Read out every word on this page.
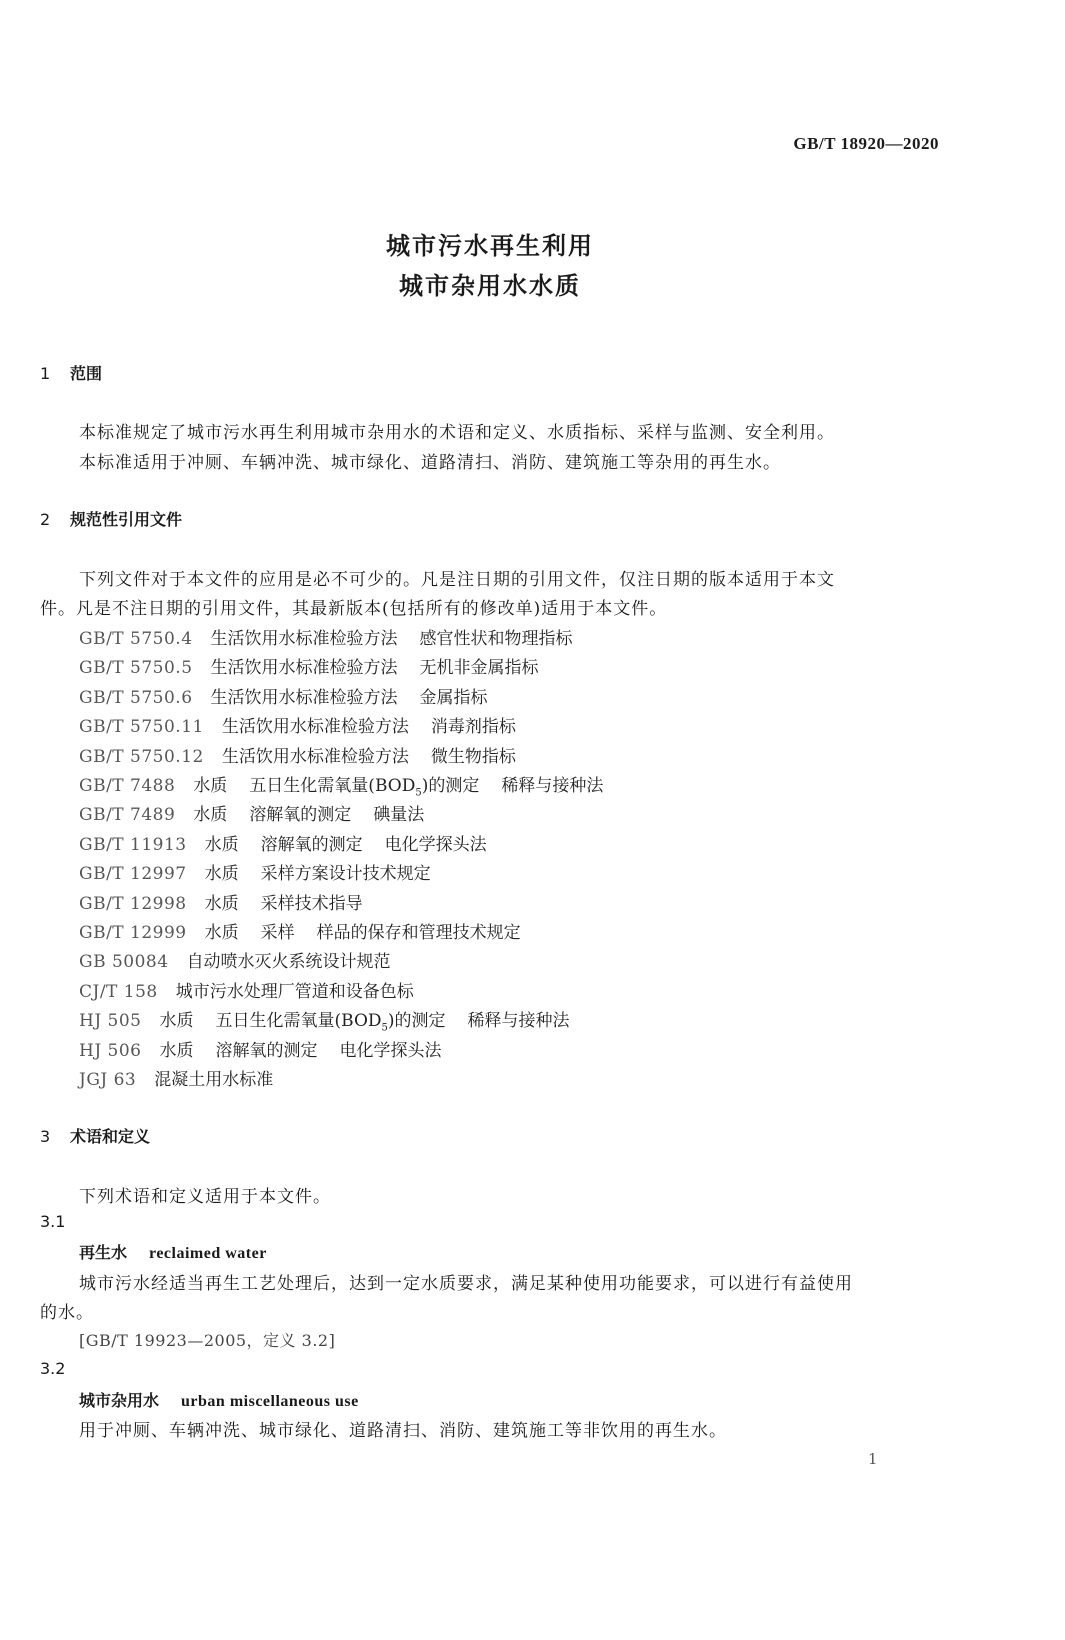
GB/T 18920—2020
城市污水再生利用
城市杂用水水质
1 范围
本标准规定了城市污水再生利用城市杂用水的术语和定义、水质指标、采样与监测、安全利用。
本标准适用于冲厕、车辆冲洗、城市绿化、道路清扫、消防、建筑施工等杂用的再生水。
2 规范性引用文件
下列文件对于本文件的应用是必不可少的。凡是注日期的引用文件，仅注日期的版本适用于本文
件。凡是不注日期的引用文件，其最新版本(包括所有的修改单)适用于本文件。
GB/T 5750.4 生活饮用水标准检验方法 感官性状和物理指标
GB/T 5750.5 生活饮用水标准检验方法 无机非金属指标
GB/T 5750.6 生活饮用水标准检验方法 金属指标
GB/T 5750.11 生活饮用水标准检验方法 消毒剂指标
GB/T 5750.12 生活饮用水标准检验方法 微生物指标
GB/T 7488 水质 五日生化需氧量$(BOD_5)$的测定 稀释与接种法
GB/T 7489 水质 溶解氧的测定 碘量法
GB/T 11913 水质 溶解氧的测定 电化学探头法
GB/T 12997 水质 采样方案设计技术规定
GB/T 12998 水质 采样技术指导
GB/T 12999 水质 采样 样品的保存和管理技术规定
GB 50084 自动喷水灭火系统设计规范
CJ/T 158 城市污水处理厂管道和设备色标
HJ 505 水质 五日生化需氧量$(BOD_5)$的测定 稀释与接种法
HJ 506 水质 溶解氧的测定 电化学探头法
JGJ 63 混凝土用水标准
3 术语和定义
下列术语和定义适用于本文件。
3.1
再生水 reclaimed water
城市污水经适当再生工艺处理后，达到一定水质要求，满足某种使用功能要求，可以进行有益使用
的水。
[GB/T 19923—2005，定义 3.2]
3.2
城市杂用水 urban miscellaneous use
用于冲厕、车辆冲洗、城市绿化、道路清扫、消防、建筑施工等非饮用的再生水。
1
